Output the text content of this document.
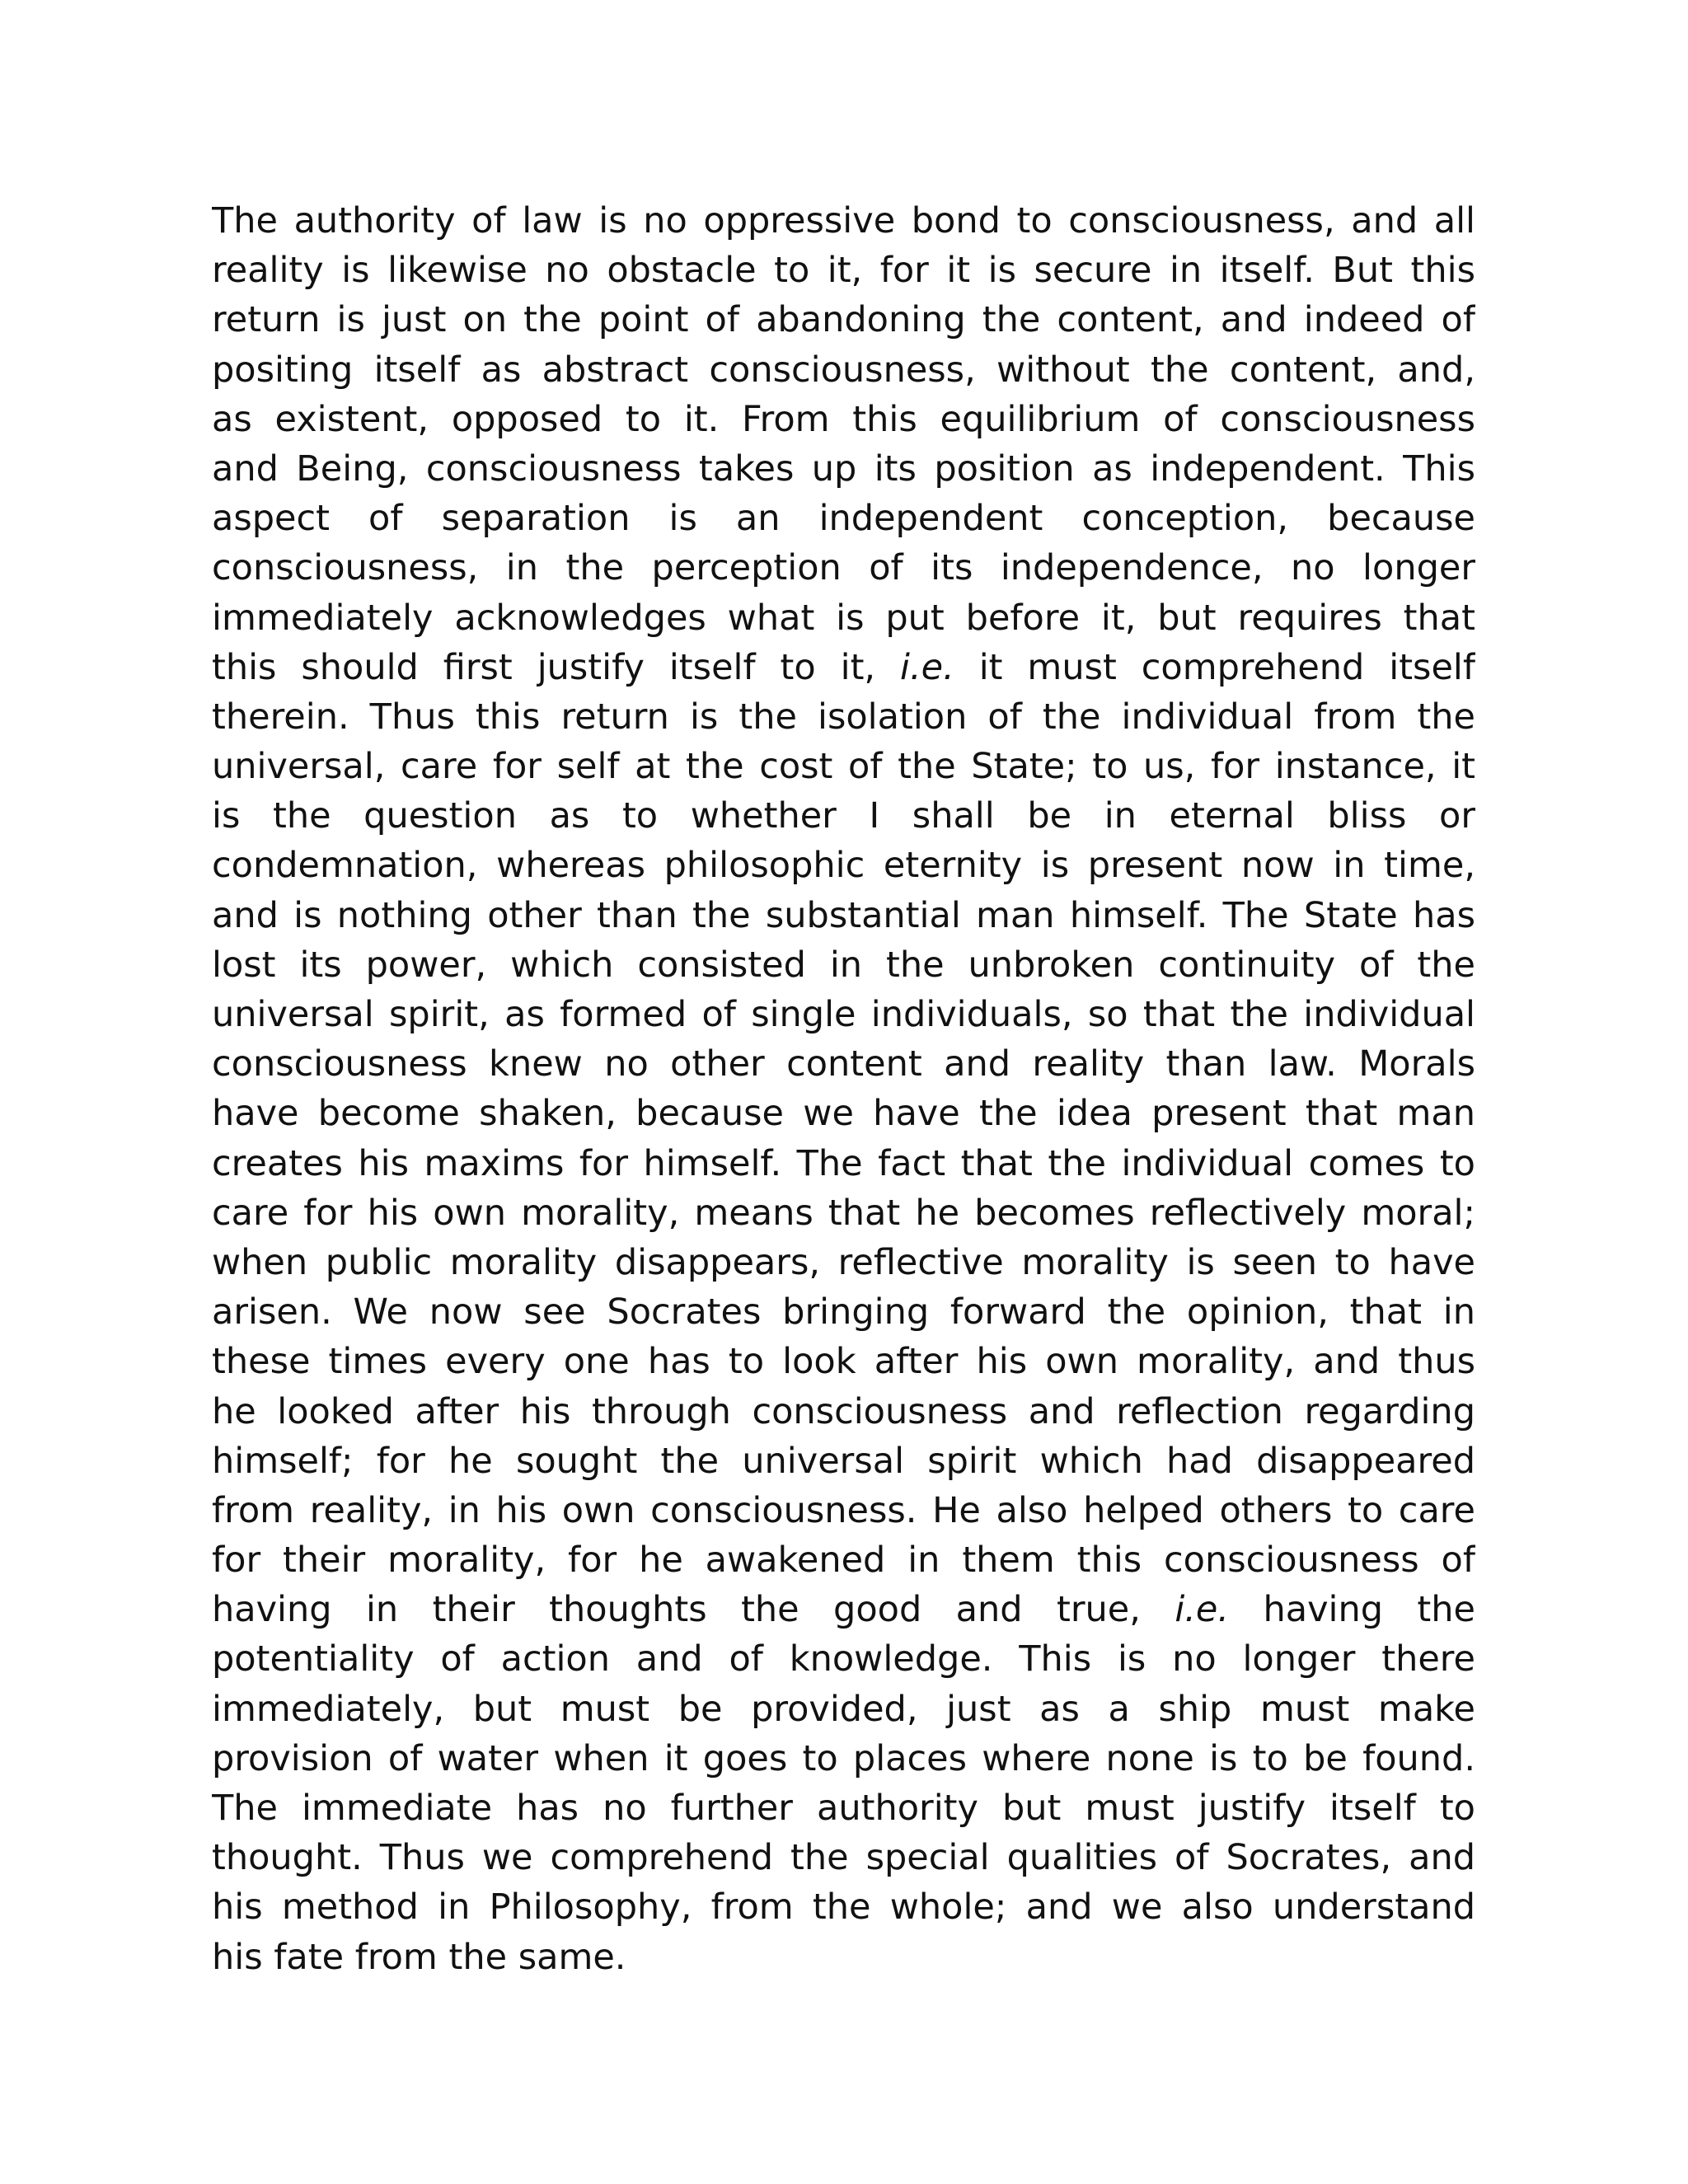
The authority of law is no oppressive bond to consciousness, and all
reality is likewise no obstacle to it, for it is secure in itself. But this
return is just on the point of abandoning the content, and indeed of
positing itself as abstract consciousness, without the content, and,
as existent, opposed to it. From this equilibrium of consciousness
and Being, consciousness takes up its position as independent. This
aspect of separation is an independent conception, because
consciousness, in the perception of its independence, no longer
immediately acknowledges what is put before it, but requires that
this should first justify itself to it, i.e. it must comprehend itself
therein. Thus this return is the isolation of the individual from the
universal, care for self at the cost of the State; to us, for instance, it
is the question as to whether I shall be in eternal bliss or
condemnation, whereas philosophic eternity is present now in time,
and is nothing other than the substantial man himself. The State has
lost its power, which consisted in the unbroken continuity of the
universal spirit, as formed of single individuals, so that the individual
consciousness knew no other content and reality than law. Morals
have become shaken, because we have the idea present that man
creates his maxims for himself. The fact that the individual comes to
care for his own morality, means that he becomes reflectively moral;
when public morality disappears, reflective morality is seen to have
arisen. We now see Socrates bringing forward the opinion, that in
these times every one has to look after his own morality, and thus
he looked after his through consciousness and reflection regarding
himself; for he sought the universal spirit which had disappeared
from reality, in his own consciousness. He also helped others to care
for their morality, for he awakened in them this consciousness of
having in their thoughts the good and true, i.e. having the
potentiality of action and of knowledge. This is no longer there
immediately, but must be provided, just as a ship must make
provision of water when it goes to places where none is to be found.
The immediate has no further authority but must justify itself to
thought. Thus we comprehend the special qualities of Socrates, and
his method in Philosophy, from the whole; and we also understand
his fate from the same.
